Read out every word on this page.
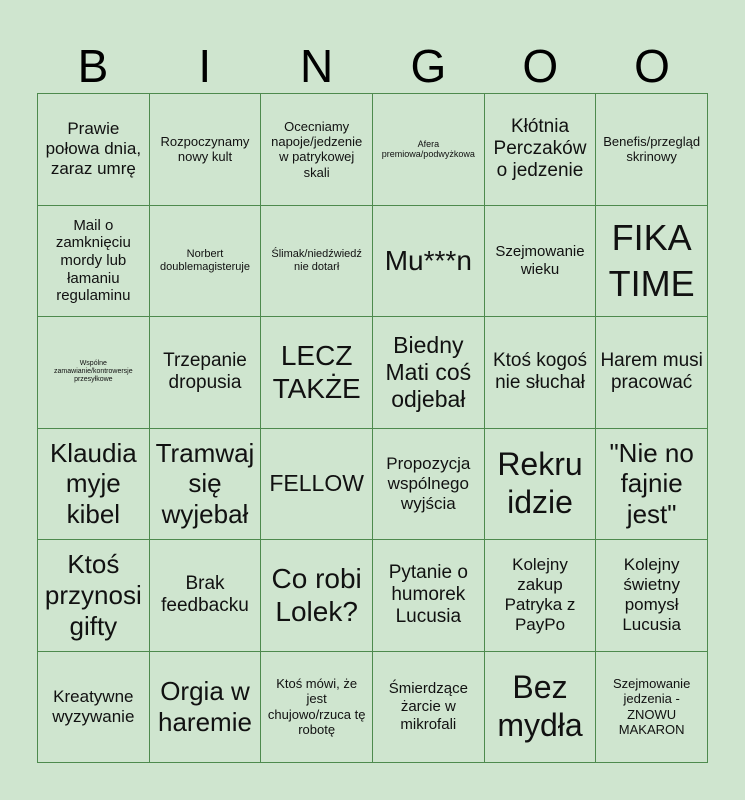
B	I	N	G	O	O
Prawie połowa dnia, zaraz umrę
Rozpoczynamy nowy kult
Ocecniamy napoje/jedzenie w patrykowej skali
Afera premiowa/podwyżkowa
Kłótnia Perczaków o jedzenie
Benefis/przegląd skrinowy
Mail o zamknięciu mordy lub łamaniu regulaminu
Norbert doublemagisteruje
Ślimak/niedźwiedź nie dotarł	Mu***n	Szejmowanie wieku
FIKA TIME
Wspólne zamawianie/kontrowersje przesyłkowe
Trzepanie dropusia
LECZ TAKŻE
Biedny Mati coś odjebał
Ktoś kogoś nie słuchał
Harem musi pracować
Klaudia myje kibel
Tramwaj się wyjebał
FELLOW
Propozycja wspólnego wyjścia
Rekru idzie
"Nie no fajnie jest"
Ktoś przynosi gifty
Brak feedbacku
Co robi Lolek?
Pytanie o humorek Lucusia
Kolejny zakup Patryka z PayPo
Kolejny świetny pomysł Lucusia
Kreatywne wyzywanie
Orgia w haremie
Ktoś mówi, że jest chujowo/rzuca tę robotę
Śmierdzące żarcie w mikrofali
Bez mydła
Szejmowanie jedzenia - ZNOWU MAKARON
